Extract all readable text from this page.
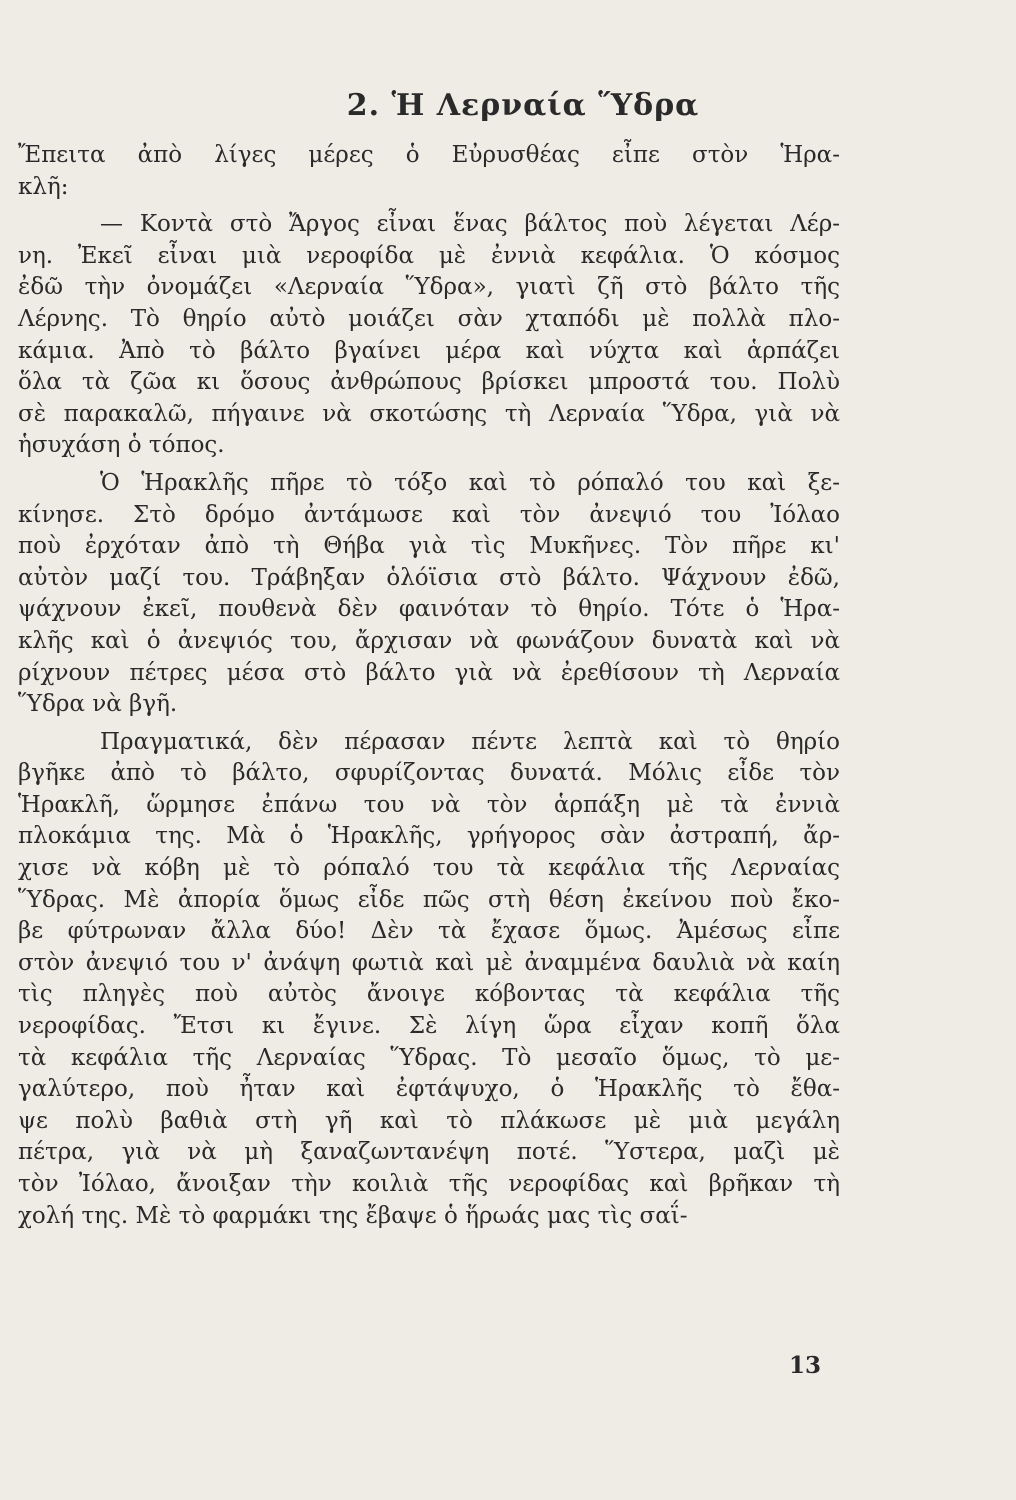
2. Ἡ Λερναία Ὕδρα
Ἔπειτα ἀπὸ λίγες μέρες ὁ Εὐρυσθέας εἶπε στὸν Ἡρα-
κλῆ:
— Κοντὰ στὸ Ἄργος εἶναι ἕνας βάλτος ποὺ λέγεται Λέρ-
νη. Ἐκεῖ εἶναι μιὰ νεροφίδα μὲ ἐννιὰ κεφάλια. Ὁ κόσμος
ἐδῶ τὴν ὀνομάζει «Λερναία Ὕδρα», γιατὶ ζῆ στὸ βάλτο τῆς
Λέρνης. Τὸ θηρίο αὐτὸ μοιάζει σὰν χταπόδι μὲ πολλὰ πλο-
κάμια. Ἀπὸ τὸ βάλτο βγαίνει μέρα καὶ νύχτα καὶ ἁρπάζει
ὅλα τὰ ζῶα κι ὅσους ἀνθρώπους βρίσκει μπροστά του. Πολὺ
σὲ παρακαλῶ, πήγαινε νὰ σκοτώσης τὴ Λερναία Ὕδρα, γιὰ νὰ
ἡσυχάση ὁ τόπος.
Ὁ Ἡρακλῆς πῆρε τὸ τόξο καὶ τὸ ρόπαλό του καὶ ξε-
κίνησε. Στὸ δρόμο ἀντάμωσε καὶ τὸν ἀνεψιό του Ἰόλαο
ποὺ ἐρχόταν ἀπὸ τὴ Θήβα γιὰ τὶς Μυκῆνες. Τὸν πῆρε κι'
αὐτὸν μαζί του. Τράβηξαν ὁλόϊσια στὸ βάλτο. Ψάχνουν ἐδῶ,
ψάχνουν ἐκεῖ, πουθενὰ δὲν φαινόταν τὸ θηρίο. Τότε ὁ Ἡρα-
κλῆς καὶ ὁ ἀνεψιός του, ἄρχισαν νὰ φωνάζουν δυνατὰ καὶ νὰ
ρίχνουν πέτρες μέσα στὸ βάλτο γιὰ νὰ ἐρεθίσουν τὴ Λερναία
Ὕδρα νὰ βγῆ.
Πραγματικά, δὲν πέρασαν πέντε λεπτὰ καὶ τὸ θηρίο
βγῆκε ἀπὸ τὸ βάλτο, σφυρίζοντας δυνατά. Μόλις εἶδε τὸν
Ἡρακλῆ, ὥρμησε ἐπάνω του νὰ τὸν ἁρπάξη μὲ τὰ ἐννιὰ
πλοκάμια της. Μὰ ὁ Ἡρακλῆς, γρήγορος σὰν ἀστραπή, ἄρ-
χισε νὰ κόβη μὲ τὸ ρόπαλό του τὰ κεφάλια τῆς Λερναίας
Ὕδρας. Μὲ ἀπορία ὅμως εἶδε πῶς στὴ θέση ἐκείνου ποὺ ἔκο-
βε φύτρωναν ἄλλα δύο! Δὲν τὰ ἔχασε ὅμως. Ἀμέσως εἶπε
στὸν ἀνεψιό του ν' ἀνάψη φωτιὰ καὶ μὲ ἀναμμένα δαυλιὰ νὰ καίη
τὶς πληγὲς ποὺ αὐτὸς ἄνοιγε κόβοντας τὰ κεφάλια τῆς
νεροφίδας. Ἔτσι κι ἔγινε. Σὲ λίγη ὥρα εἶχαν κοπῆ ὅλα
τὰ κεφάλια τῆς Λερναίας Ὕδρας. Τὸ μεσαῖο ὅμως, τὸ με-
γαλύτερο, ποὺ ἦταν καὶ ἐφτάψυχο, ὁ Ἡρακλῆς τὸ ἔθα-
ψε πολὺ βαθιὰ στὴ γῆ καὶ τὸ πλάκωσε μὲ μιὰ μεγάλη
πέτρα, γιὰ νὰ μὴ ξαναζωντανέψη ποτέ. Ὕστερα, μαζὶ μὲ
τὸν Ἰόλαο, ἄνοιξαν τὴν κοιλιὰ τῆς νεροφίδας καὶ βρῆκαν τὴ
χολή της. Μὲ τὸ φαρμάκι της ἔβαψε ὁ ἥρωάς μας τὶς σαΐ-
13
